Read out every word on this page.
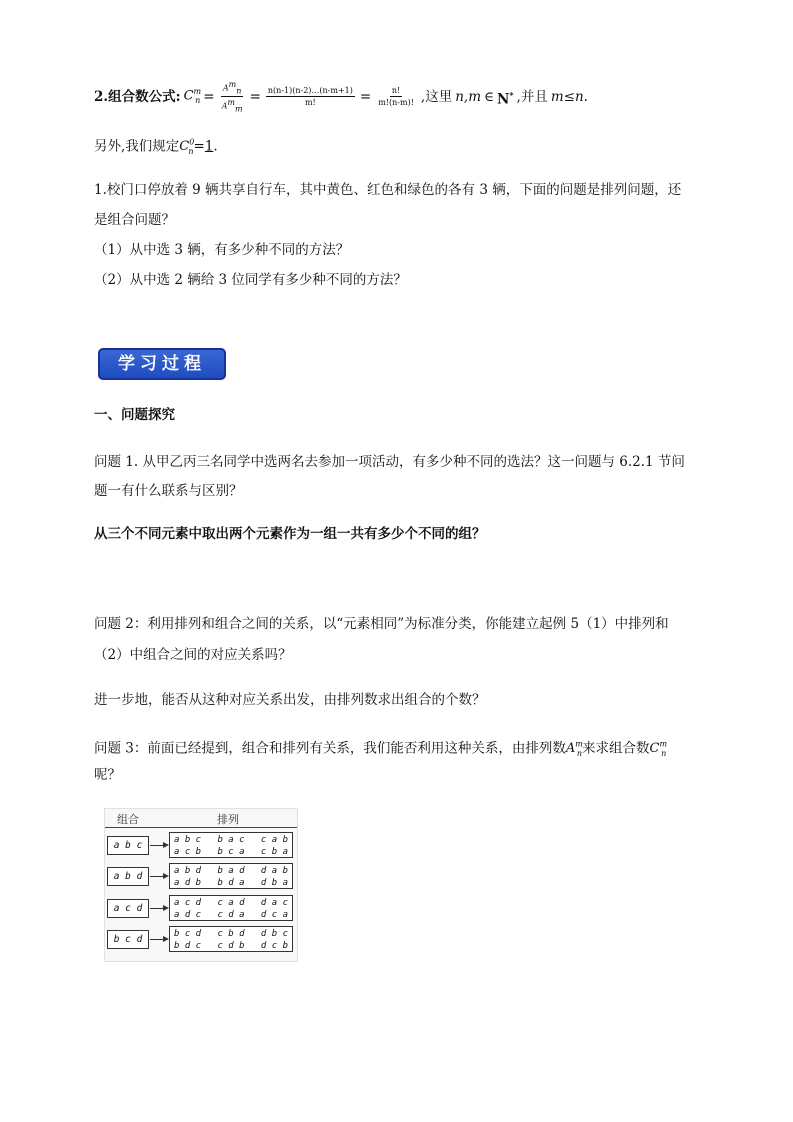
2.组合数公式: $C^m_n = \frac{A^m_n}{A^m_m} = \frac{n(n-1)(n-2)\dots(n-m+1)}{m!} = \frac{n!}{m!(n-m)!}$ ,这里 n,m ∈ N* ,并且 m≤n.
另外,我们规定$C^0_n=1$.
1.校门口停放着 9 辆共享自行车，其中黄色、红色和绿色的各有 3 辆，下面的问题是排列问题，还
是组合问题？
（1）从中选 3 辆，有多少种不同的方法？
（2）从中选 2 辆给 3 位同学有多少种不同的方法？
学习过程
一、问题探究
问题 1. 从甲乙丙三名同学中选两名去参加一项活动，有多少种不同的选法？这一问题与 6.2.1 节问
题一有什么联系与区别？
从三个不同元素中取出两个元素作为一组一共有多少个不同的组？
问题 2：利用排列和组合之间的关系，以“元素相同”为标准分类，你能建立起例 5（1）中排列和
（2）中组合之间的对应关系吗？
进一步地，能否从这种对应关系出发，由排列数求出组合的个数？
问题 3：前面已经提到，组合和排列有关系，我们能否利用这种关系，由排列数$A^m_n$来求组合数$C^m_n$
呢？
组合	排列
a b c	a b c b a c c a b
a c b b c a c b a
a b d	a b d b a d d a b
a d b b d a d b a
a c d	a c d c a d d a c
a d c c d a d c a
b c d	b c d c b d d b c
b d c c d b d c b
